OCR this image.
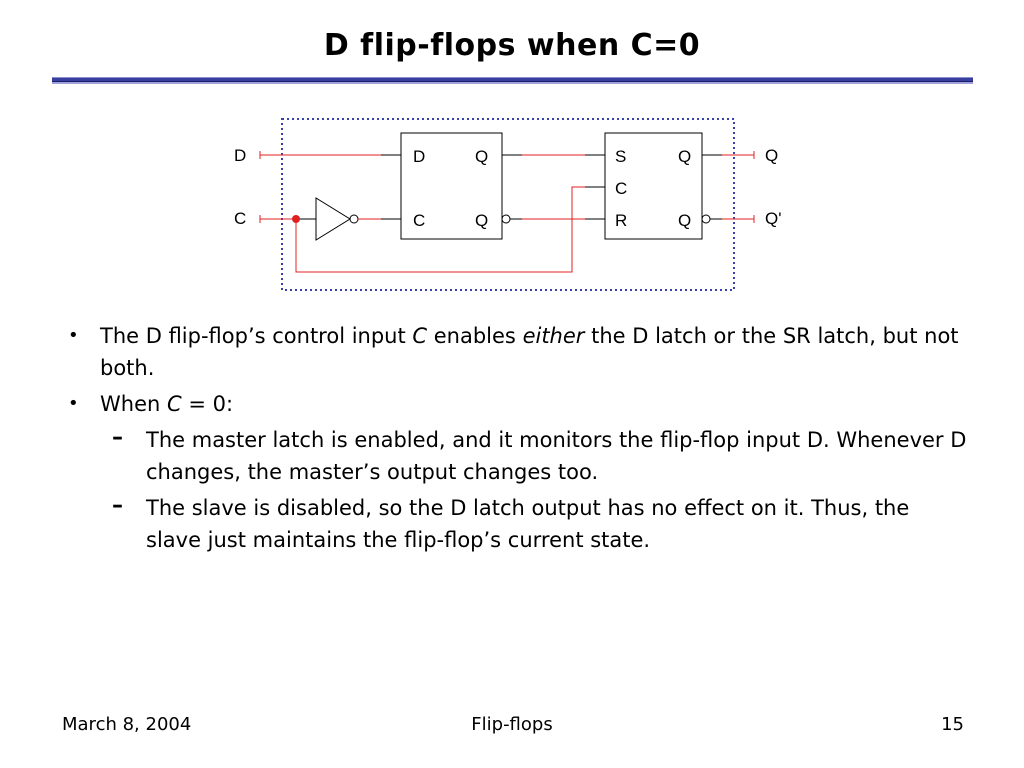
D flip-flops when C=0
D
C
D	Q
C	Q
S	Q
C
R	Q
Q
Q'
• The D flip-flop’s control input C enables either the D latch or the SR latch, but not both.
• When C = 0:
– The master latch is enabled, and it monitors the flip-flop input D. Whenever D changes, the master’s output changes too.
– The slave is disabled, so the D latch output has no effect on it. Thus, the slave just maintains the flip-flop’s current state.
March 8, 2004	Flip-flops	15
